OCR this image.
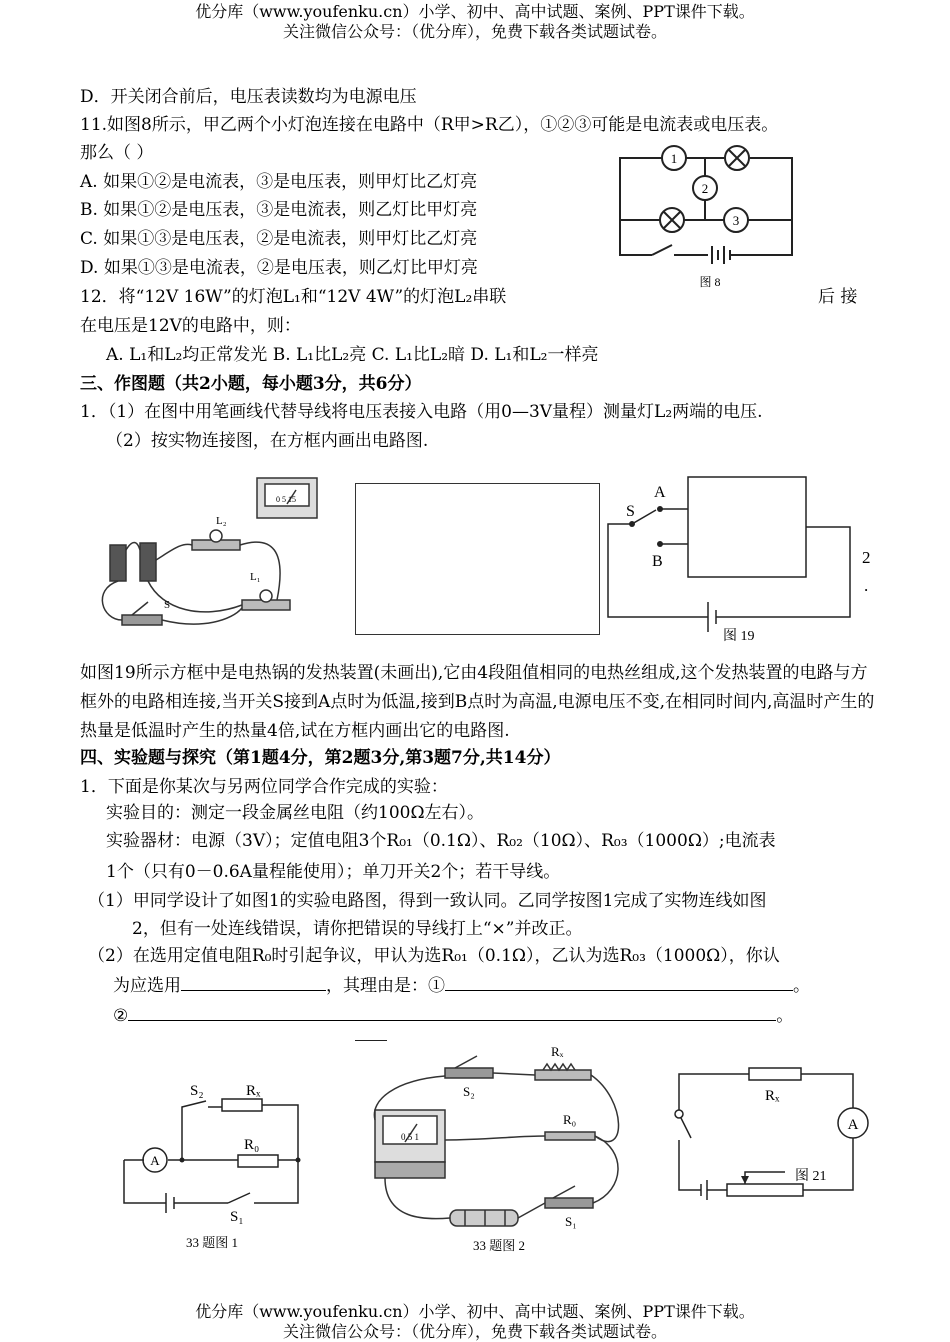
优分库（www.youfenku.cn）小学、初中、高中试题、案例、PPT课件下载。
关注微信公众号：（优分库），免费下载各类试题试卷。
D．开关闭合前后，电压表读数均为电源电压
11.如图8所示，甲乙两个小灯泡连接在电路中（R甲>R乙），①②③可能是电流表或电压表。
那么（ ）
A. 如果①②是电流表，③是电压表，则甲灯比乙灯亮
B. 如果①②是电压表，③是电流表，则乙灯比甲灯亮
C. 如果①③是电压表，②是电流表，则甲灯比乙灯亮
D. 如果①③是电流表，②是电压表，则乙灯比甲灯亮
1
2
3
图 8
12．将“12V 16W”的灯泡L₁和“12V 4W”的灯泡L₂串联	后 接
在电压是12V的电路中，则：
A. L₁和L₂均正常发光 B. L₁比L₂亮 C. L₁比L₂暗 D. L₁和L₂一样亮
三、作图题（共2小题，每小题3分，共6分）
1．（1）在图中用笔画线代替导线将电压表接入电路（用0—3V量程）测量灯L₂两端的电压.
（2）按实物连接图，在方框内画出电路图.
0 5 15
L₂
L₁
S
A
B
S
图 19
2
.
如图19所示方框中是电热锅的发热装置(未画出),它由4段阻值相同的电热丝组成,这个发热装置的电路与方框外的电路相连接,当开关S接到A点时为低温,接到B点时为高温,电源电压不变,在相同时间内,高温时产生的热量是低温时产生的热量4倍,试在方框内画出它的电路图.
四、实验题与探究（第1题4分，第2题3分,第3题7分,共14分）
1．下面是你某次与另两位同学合作完成的实验：
实验目的：测定一段金属丝电阻（约100Ω左右）。
实验器材：电源（3V）；定值电阻3个R₀₁（0.1Ω）、R₀₂（10Ω）、R₀₃（1000Ω）;电流表
1个（只有0－0.6A量程能使用）；单刀开关2个；若干导线。
（1）甲同学设计了如图1的实验电路图，得到一致认同。乙同学按图1完成了实物连线如图
2，但有一处连线错误，请你把错误的导线打上“×”并改正。
（2）在选用定值电阻R₀时引起争议，甲认为选R₀₁（0.1Ω），乙认为选R₀₃（1000Ω），你认
为应选用	，其理由是：①	。
②	。
S₂	Rₓ
R₀
A
S₁
33 题图 1
0.5 1
Rₓ
S₂
R₀
S₁
33 题图 2
Rₓ
A
图 21
优分库（www.youfenku.cn）小学、初中、高中试题、案例、PPT课件下载。
关注微信公众号：（优分库），免费下载各类试题试卷。
